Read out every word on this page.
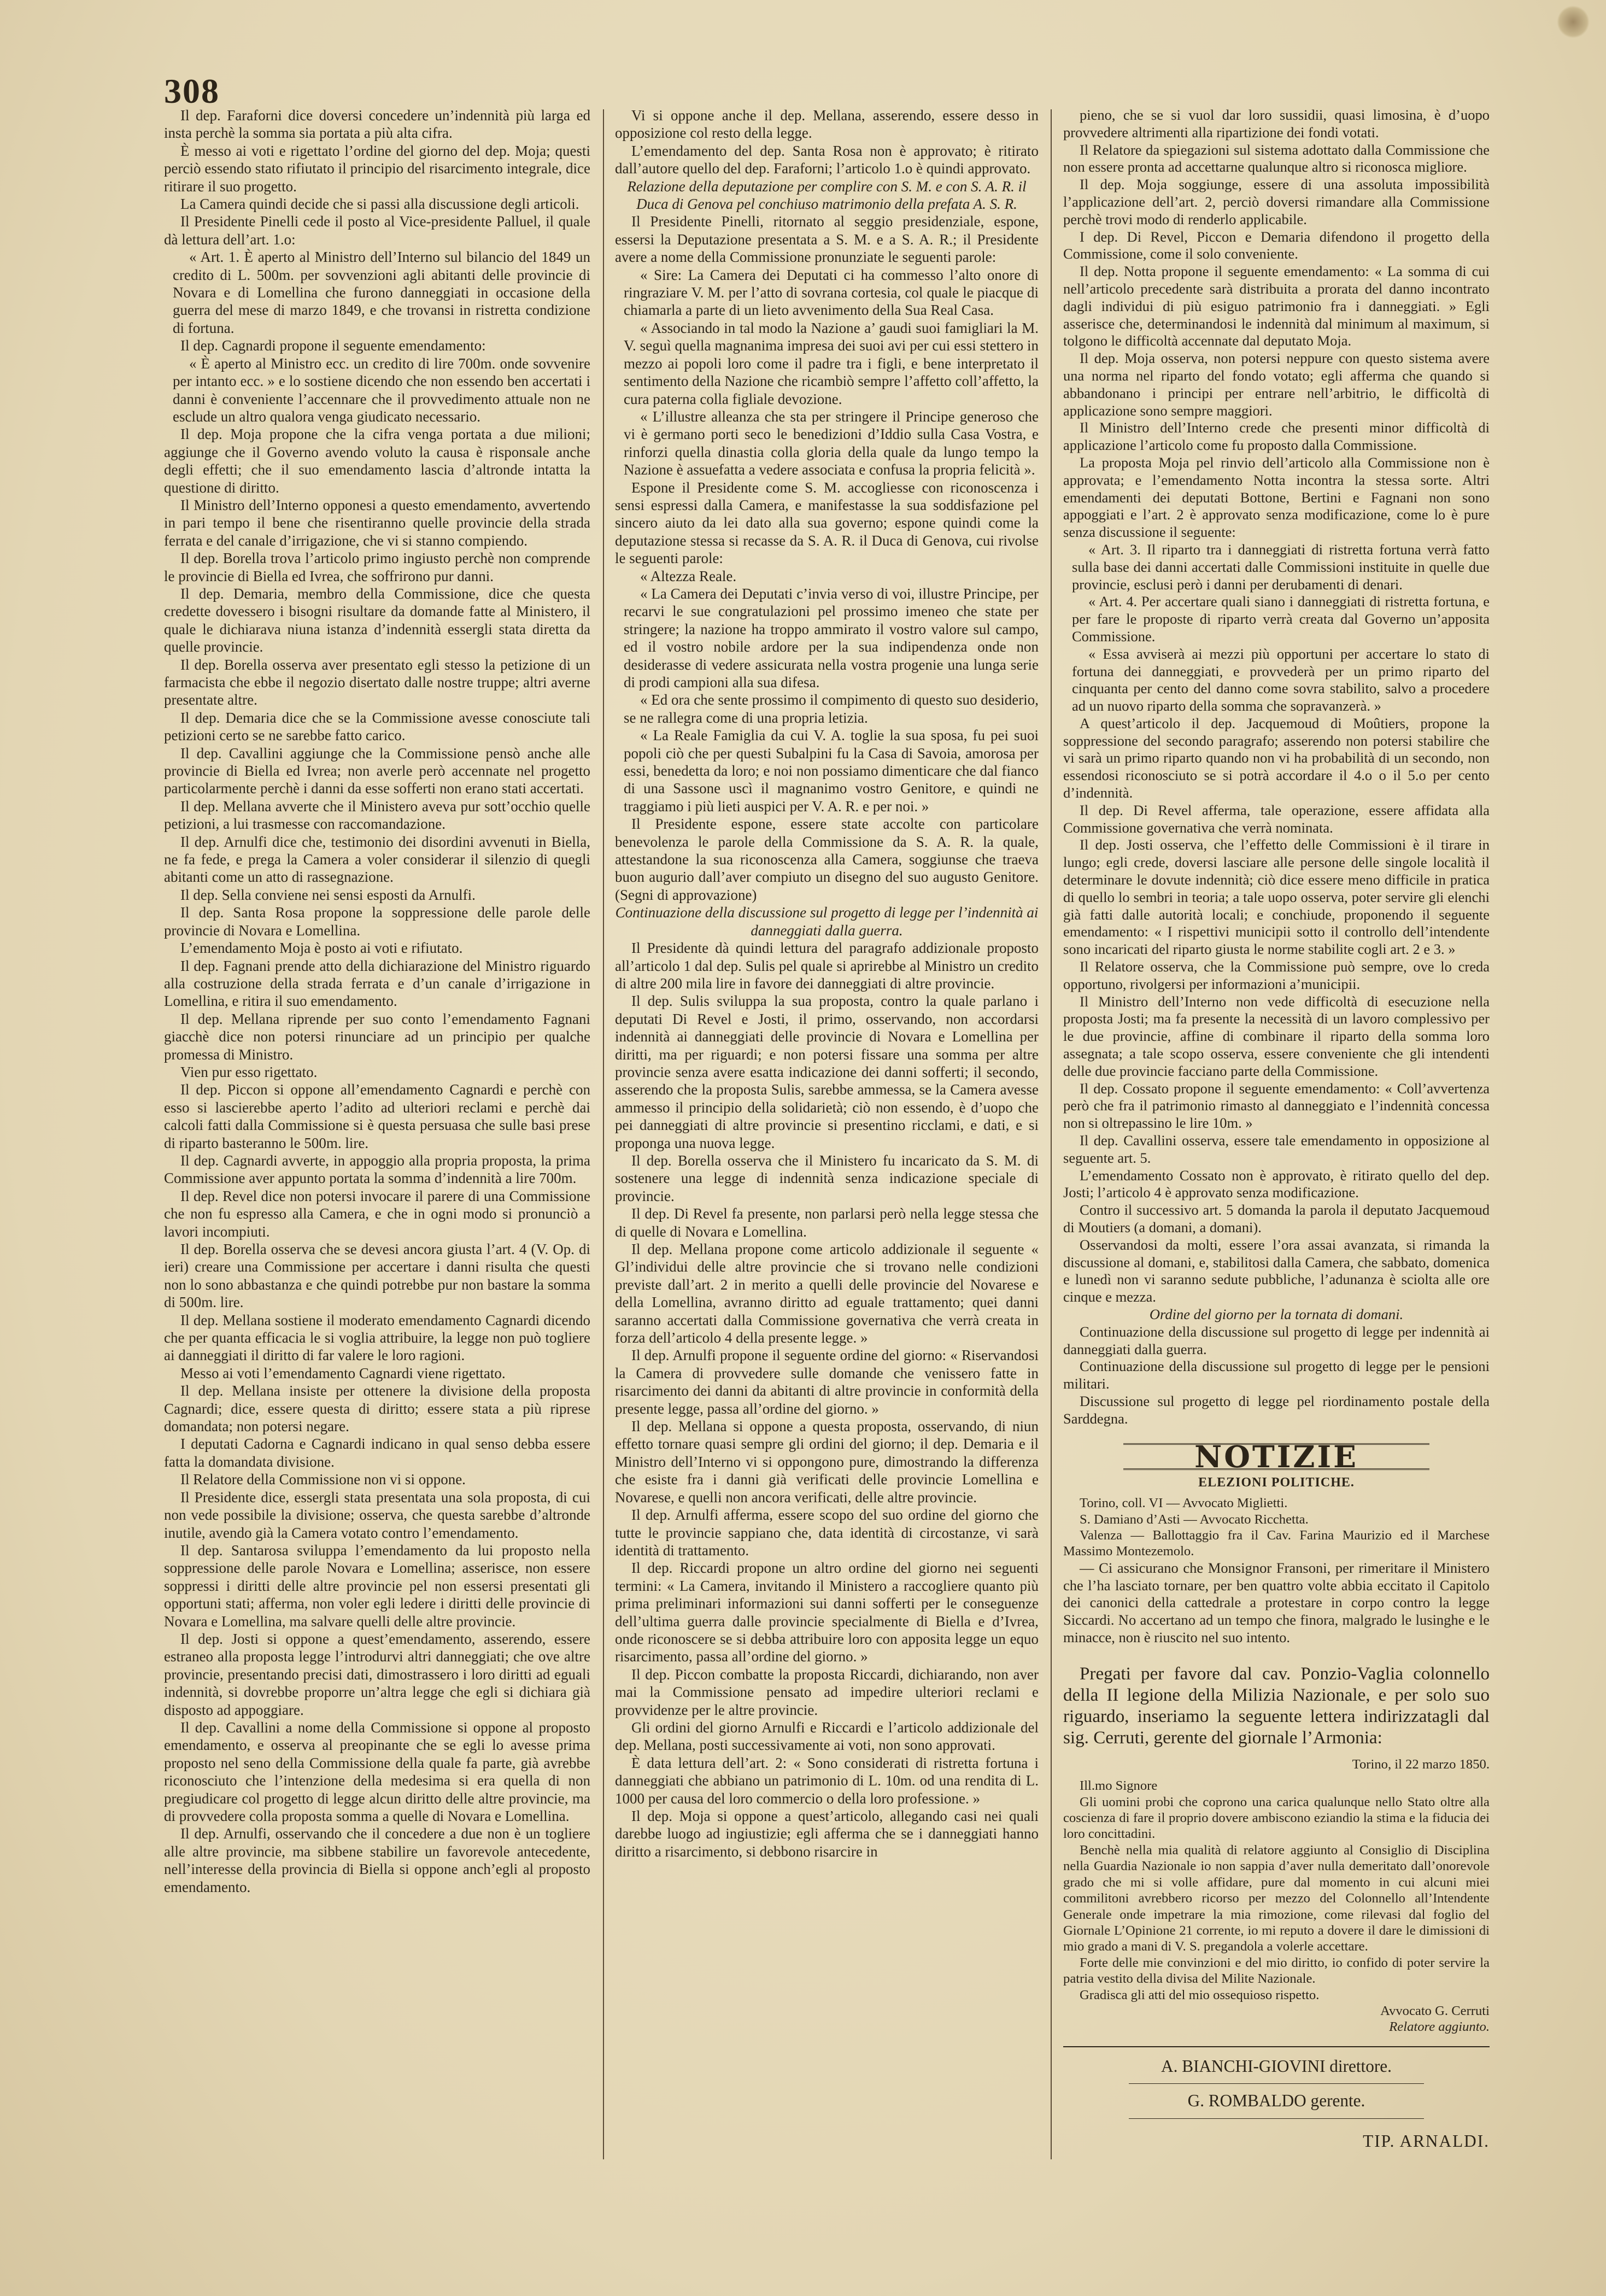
308

Il dep. Faraforni dice doversi concedere un’indennità più larga ed insta perchè la somma sia portata a più alta cifra.

È messo ai voti e rigettato l’ordine del giorno del dep. Moja; questi perciò essendo stato rifiutato il principio del risarcimento integrale, dice ritirare il suo progetto.

La Camera quindi decide che si passi alla discussione degli articoli.

Il Presidente Pinelli cede il posto al Vice-presidente Palluel, il quale dà lettura dell’art. 1.o:

« Art. 1. È aperto al Ministro dell’Interno sul bilancio del 1849 un credito di L. 500m. per sovvenzioni agli abitanti delle provincie di Novara e di Lomellina che furono danneggiati in occasione della guerra del mese di marzo 1849, e che trovansi in ristretta condizione di fortuna.

Il dep. Cagnardi propone il seguente emendamento:

« È aperto al Ministro ecc. un credito di lire 700m. onde sovvenire per intanto ecc. » e lo sostiene dicendo che non essendo ben accertati i danni è conveniente l’accennare che il provvedimento attuale non ne esclude un altro qualora venga giudicato necessario.

Il dep. Moja propone che la cifra venga portata a due milioni; aggiunge che il Governo avendo voluto la causa è risponsale anche degli effetti; che il suo emendamento lascia d’altronde intatta la questione di diritto.

Il Ministro dell’Interno opponesi a questo emendamento, avvertendo in pari tempo il bene che risentiranno quelle provincie della strada ferrata e del canale d’irrigazione, che vi si stanno compiendo.

Il dep. Borella trova l’articolo primo ingiusto perchè non comprende le provincie di Biella ed Ivrea, che soffrirono pur danni.

Il dep. Demaria, membro della Commissione, dice che questa credette dovessero i bisogni risultare da domande fatte al Ministero, il quale le dichiarava niuna istanza d’indennità essergli stata diretta da quelle provincie.

Il dep. Borella osserva aver presentato egli stesso la petizione di un farmacista che ebbe il negozio disertato dalle nostre truppe; altri averne presentate altre.

Il dep. Demaria dice che se la Commissione avesse conosciute tali petizioni certo se ne sarebbe fatto carico.

Il dep. Cavallini aggiunge che la Commissione pensò anche alle provincie di Biella ed Ivrea; non averle però accennate nel progetto particolarmente perchè i danni da esse sofferti non erano stati accertati.

Il dep. Mellana avverte che il Ministero aveva pur sott’occhio quelle petizioni, a lui trasmesse con raccomandazione.

Il dep. Arnulfi dice che, testimonio dei disordini avvenuti in Biella, ne fa fede, e prega la Camera a voler considerar il silenzio di quegli abitanti come un atto di rassegnazione.

Il dep. Sella conviene nei sensi esposti da Arnulfi.

Il dep. Santa Rosa propone la soppressione delle parole delle provincie di Novara e Lomellina.

L’emendamento Moja è posto ai voti e rifiutato.

Il dep. Fagnani prende atto della dichiarazione del Ministro riguardo alla costruzione della strada ferrata e d’un canale d’irrigazione in Lomellina, e ritira il suo emendamento.

Il dep. Mellana riprende per suo conto l’emendamento Fagnani giacchè dice non potersi rinunciare ad un principio per qualche promessa di Ministro.

Vien pur esso rigettato.

Il dep. Piccon si oppone all’emendamento Cagnardi e perchè con esso si lascierebbe aperto l’adito ad ulteriori reclami e perchè dai calcoli fatti dalla Commissione si è questa persuasa che sulle basi prese di riparto basteranno le 500m. lire.

Il dep. Cagnardi avverte, in appoggio alla propria proposta, la prima Commissione aver appunto portata la somma d’indennità a lire 700m.

Il dep. Revel dice non potersi invocare il parere di una Commissione che non fu espresso alla Camera, e che in ogni modo si pronunciò a lavori incompiuti.

Il dep. Borella osserva che se devesi ancora giusta l’art. 4 (V. Op. di ieri) creare una Commissione per accertare i danni risulta che questi non lo sono abbastanza e che quindi potrebbe pur non bastare la somma di 500m. lire.

Il dep. Mellana sostiene il moderato emendamento Cagnardi dicendo che per quanta efficacia le si voglia attribuire, la legge non può togliere ai danneggiati il diritto di far valere le loro ragioni.

Messo ai voti l’emendamento Cagnardi viene rigettato.

Il dep. Mellana insiste per ottenere la divisione della proposta Cagnardi; dice, essere questa di diritto; essere stata a più riprese domandata; non potersi negare.

I deputati Cadorna e Cagnardi indicano in qual senso debba essere fatta la domandata divisione.

Il Relatore della Commissione non vi si oppone.

Il Presidente dice, essergli stata presentata una sola proposta, di cui non vede possibile la divisione; osserva, che questa sarebbe d’altronde inutile, avendo già la Camera votato contro l’emendamento.

Il dep. Santarosa sviluppa l’emendamento da lui proposto nella soppressione delle parole Novara e Lomellina; asserisce, non essere soppressi i diritti delle altre provincie pel non essersi presentati gli opportuni stati; afferma, non voler egli ledere i diritti delle provincie di Novara e Lomellina, ma salvare quelli delle altre provincie.

Il dep. Josti si oppone a quest’emendamento, asserendo, essere estraneo alla proposta legge l’introdurvi altri danneggiati; che ove altre provincie, presentando precisi dati, dimostrassero i loro diritti ad eguali indennità, si dovrebbe proporre un’altra legge che egli si dichiara già disposto ad appoggiare.

Il dep. Cavallini a nome della Commissione si oppone al proposto emendamento, e osserva al preopinante che se egli lo avesse prima proposto nel seno della Commissione della quale fa parte, già avrebbe riconosciuto che l’intenzione della medesima si era quella di non pregiudicare col progetto di legge alcun diritto delle altre provincie, ma di provvedere colla proposta somma a quelle di Novara e Lomellina.

Il dep. Arnulfi, osservando che il concedere a due non è un togliere alle altre provincie, ma sibbene stabilire un favorevole antecedente, nell’interesse della provincia di Biella si oppone anch’egli al proposto emendamento.

Vi si oppone anche il dep. Mellana, asserendo, essere desso in opposizione col resto della legge.

L’emendamento del dep. Santa Rosa non è approvato; è ritirato dall’autore quello del dep. Faraforni; l’articolo 1.o è quindi approvato.

Relazione della deputazione per complire con S. M. e con S. A. R. il Duca di Genova pel conchiuso matrimonio della prefata A. S. R.

Il Presidente Pinelli, ritornato al seggio presidenziale, espone, essersi la Deputazione presentata a S. M. e a S. A. R.; il Presidente avere a nome della Commissione pronunziate le seguenti parole:

« Sire: La Camera dei Deputati ci ha commesso l’alto onore di ringraziare V. M. per l’atto di sovrana cortesia, col quale le piacque di chiamarla a parte di un lieto avvenimento della Sua Real Casa.

« Associando in tal modo la Nazione a’ gaudi suoi famigliari la M. V. seguì quella magnanima impresa dei suoi avi per cui essi stettero in mezzo ai popoli loro come il padre tra i figli, e bene interpretato il sentimento della Nazione che ricambiò sempre l’affetto coll’affetto, la cura paterna colla figliale devozione.

« L’illustre alleanza che sta per stringere il Principe generoso che vi è germano porti seco le benedizioni d’Iddio sulla Casa Vostra, e rinforzi quella dinastia colla gloria della quale da lungo tempo la Nazione è assuefatta a vedere associata e confusa la propria felicità ».

Espone il Presidente come S. M. accogliesse con riconoscenza i sensi espressi dalla Camera, e manifestasse la sua soddisfazione pel sincero aiuto da lei dato alla sua governo; espone quindi come la deputazione stessa si recasse da S. A. R. il Duca di Genova, cui rivolse le seguenti parole:

« Altezza Reale.

« La Camera dei Deputati c’invia verso di voi, illustre Principe, per recarvi le sue congratulazioni pel prossimo imeneo che state per stringere; la nazione ha troppo ammirato il vostro valore sul campo, ed il vostro nobile ardore per la sua indipendenza onde non desiderasse di vedere assicurata nella vostra progenie una lunga serie di prodi campioni alla sua difesa.

« Ed ora che sente prossimo il compimento di questo suo desiderio, se ne rallegra come di una propria letizia.

« La Reale Famiglia da cui V. A. toglie la sua sposa, fu pei suoi popoli ciò che per questi Subalpini fu la Casa di Savoia, amorosa per essi, benedetta da loro; e noi non possiamo dimenticare che dal fianco di una Sassone uscì il magnanimo vostro Genitore, e quindi ne traggiamo i più lieti auspici per V. A. R. e per noi. »

Il Presidente espone, essere state accolte con particolare benevolenza le parole della Commissione da S. A. R. la quale, attestandone la sua riconoscenza alla Camera, soggiunse che traeva buon augurio dall’aver compiuto un disegno del suo augusto Genitore. (Segni di approvazione)

Continuazione della discussione sul progetto di legge per l’indennità ai danneggiati dalla guerra.

Il Presidente dà quindi lettura del paragrafo addizionale proposto all’articolo 1 dal dep. Sulis pel quale si aprirebbe al Ministro un credito di altre 200 mila lire in favore dei danneggiati di altre provincie.

Il dep. Sulis sviluppa la sua proposta, contro la quale parlano i deputati Di Revel e Josti, il primo, osservando, non accordarsi indennità ai danneggiati delle provincie di Novara e Lomellina per diritti, ma per riguardi; e non potersi fissare una somma per altre provincie senza avere esatta indicazione dei danni sofferti; il secondo, asserendo che la proposta Sulis, sarebbe ammessa, se la Camera avesse ammesso il principio della solidarietà; ciò non essendo, è d’uopo che pei danneggiati di altre provincie si presentino ricclami, e dati, e si proponga una nuova legge.

Il dep. Borella osserva che il Ministero fu incaricato da S. M. di sostenere una legge di indennità senza indicazione speciale di provincie.

Il dep. Di Revel fa presente, non parlarsi però nella legge stessa che di quelle di Novara e Lomellina.

Il dep. Mellana propone come articolo addizionale il seguente « Gl’individui delle altre provincie che si trovano nelle condizioni previste dall’art. 2 in merito a quelli delle provincie del Novarese e della Lomellina, avranno diritto ad eguale trattamento; quei danni saranno accertati dalla Commissione governativa che verrà creata in forza dell’articolo 4 della presente legge. »

Il dep. Arnulfi propone il seguente ordine del giorno: « Riservandosi la Camera di provvedere sulle domande che venissero fatte in risarcimento dei danni da abitanti di altre provincie in conformità della presente legge, passa all’ordine del giorno. »

Il dep. Mellana si oppone a questa proposta, osservando, di niun effetto tornare quasi sempre gli ordini del giorno; il dep. Demaria e il Ministro dell’Interno vi si oppongono pure, dimostrando la differenza che esiste fra i danni già verificati delle provincie Lomellina e Novarese, e quelli non ancora verificati, delle altre provincie.

Il dep. Arnulfi afferma, essere scopo del suo ordine del giorno che tutte le provincie sappiano che, data identità di circostanze, vi sarà identità di trattamento.

Il dep. Riccardi propone un altro ordine del giorno nei seguenti termini: « La Camera, invitando il Ministero a raccogliere quanto più prima preliminari informazioni sui danni sofferti per le conseguenze dell’ultima guerra dalle provincie specialmente di Biella e d’Ivrea, onde riconoscere se si debba attribuire loro con apposita legge un equo risarcimento, passa all’ordine del giorno. »

Il dep. Piccon combatte la proposta Riccardi, dichiarando, non aver mai la Commissione pensato ad impedire ulteriori reclami e provvidenze per le altre provincie.

Gli ordini del giorno Arnulfi e Riccardi e l’articolo addizionale del dep. Mellana, posti successivamente ai voti, non sono approvati.

È data lettura dell’art. 2: « Sono considerati di ristretta fortuna i danneggiati che abbiano un patrimonio di L. 10m. od una rendita di L. 1000 per causa del loro commercio o della loro professione. »

Il dep. Moja si oppone a quest’articolo, allegando casi nei quali darebbe luogo ad ingiustizie; egli afferma che se i danneggiati hanno diritto a risarcimento, si debbono risarcire in

pieno, che se si vuol dar loro sussidii, quasi limosina, è d’uopo provvedere altrimenti alla ripartizione dei fondi votati.

Il Relatore da spiegazioni sul sistema adottato dalla Commissione che non essere pronta ad accettarne qualunque altro si riconosca migliore.

Il dep. Moja soggiunge, essere di una assoluta impossibilità l’applicazione dell’art. 2, perciò doversi rimandare alla Commissione perchè trovi modo di renderlo applicabile.

I dep. Di Revel, Piccon e Demaria difendono il progetto della Commissione, come il solo conveniente.

Il dep. Notta propone il seguente emendamento: « La somma di cui nell’articolo precedente sarà distribuita a prorata del danno incontrato dagli individui di più esiguo patrimonio fra i danneggiati. » Egli asserisce che, determinandosi le indennità dal minimum al maximum, si tolgono le difficoltà accennate dal deputato Moja.

Il dep. Moja osserva, non potersi neppure con questo sistema avere una norma nel riparto del fondo votato; egli afferma che quando si abbandonano i principi per entrare nell’arbitrio, le difficoltà di applicazione sono sempre maggiori.

Il Ministro dell’Interno crede che presenti minor difficoltà di applicazione l’articolo come fu proposto dalla Commissione.

La proposta Moja pel rinvio dell’articolo alla Commissione non è approvata; e l’emendamento Notta incontra la stessa sorte. Altri emendamenti dei deputati Bottone, Bertini e Fagnani non sono appoggiati e l’art. 2 è approvato senza modificazione, come lo è pure senza discussione il seguente:

« Art. 3. Il riparto tra i danneggiati di ristretta fortuna verrà fatto sulla base dei danni accertati dalle Commissioni instituite in quelle due provincie, esclusi però i danni per derubamenti di denari.

« Art. 4. Per accertare quali siano i danneggiati di ristretta fortuna, e per fare le proposte di riparto verrà creata dal Governo un’apposita Commissione.

« Essa avviserà ai mezzi più opportuni per accertare lo stato di fortuna dei danneggiati, e provvederà per un primo riparto del cinquanta per cento del danno come sovra stabilito, salvo a procedere ad un nuovo riparto della somma che sopravanzerà. »

A quest’articolo il dep. Jacquemoud di Moûtiers, propone la soppressione del secondo paragrafo; asserendo non potersi stabilire che vi sarà un primo riparto quando non vi ha probabilità di un secondo, non essendosi riconosciuto se si potrà accordare il 4.o o il 5.o per cento d’indennità.

Il dep. Di Revel afferma, tale operazione, essere affidata alla Commissione governativa che verrà nominata.

Il dep. Josti osserva, che l’effetto delle Commissioni è il tirare in lungo; egli crede, doversi lasciare alle persone delle singole località il determinare le dovute indennità; ciò dice essere meno difficile in pratica di quello lo sembri in teoria; a tale uopo osserva, poter servire gli elenchi già fatti dalle autorità locali; e conchiude, proponendo il seguente emendamento: « I rispettivi municipii sotto il controllo dell’intendente sono incaricati del riparto giusta le norme stabilite cogli art. 2 e 3. »

Il Relatore osserva, che la Commissione può sempre, ove lo creda opportuno, rivolgersi per informazioni a’municipii.

Il Ministro dell’Interno non vede difficoltà di esecuzione nella proposta Josti; ma fa presente la necessità di un lavoro complessivo per le due provincie, affine di combinare il riparto della somma loro assegnata; a tale scopo osserva, essere conveniente che gli intendenti delle due provincie facciano parte della Commissione.

Il dep. Cossato propone il seguente emendamento: « Coll’avvertenza però che fra il patrimonio rimasto al danneggiato e l’indennità concessa non si oltrepassino le lire 10m. »

Il dep. Cavallini osserva, essere tale emendamento in opposizione al seguente art. 5.

L’emendamento Cossato non è approvato, è ritirato quello del dep. Josti; l’articolo 4 è approvato senza modificazione.

Contro il successivo art. 5 domanda la parola il deputato Jacquemoud di Moutiers (a domani, a domani).

Osservandosi da molti, essere l’ora assai avanzata, si rimanda la discussione al domani, e, stabilitosi dalla Camera, che sabbato, domenica e lunedì non vi saranno sedute pubbliche, l’adunanza è sciolta alle ore cinque e mezza.

Ordine del giorno per la tornata di domani.

Continuazione della discussione sul progetto di legge per indennità ai danneggiati dalla guerra.

Continuazione della discussione sul progetto di legge per le pensioni militari.

Discussione sul progetto di legge pel riordinamento postale della Sarddegna.

NOTIZIE
ELEZIONI POLITICHE.

Torino, coll. VI — Avvocato Miglietti.

S. Damiano d’Asti — Avvocato Ricchetta.

Valenza — Ballottaggio fra il Cav. Farina Maurizio ed il Marchese Massimo Montezemolo.

— Ci assicurano che Monsignor Fransoni, per rimeritare il Ministero che l’ha lasciato tornare, per ben quattro volte abbia eccitato il Capitolo dei canonici della cattedrale a protestare in corpo contro la legge Siccardi. No accertano ad un tempo che finora, malgrado le lusinghe e le minacce, non è riuscito nel suo intento.

Pregati per favore dal cav. Ponzio-Vaglia colonnello della II legione della Milizia Nazionale, e per solo suo riguardo, inseriamo la seguente lettera indirizzatagli dal sig. Cerruti, gerente del giornale l’Armonia:

Torino, il 22 marzo 1850.

Ill.mo Signore

Gli uomini probi che coprono una carica qualunque nello Stato oltre alla coscienza di fare il proprio dovere ambiscono eziandio la stima e la fiducia dei loro concittadini.

Benchè nella mia qualità di relatore aggiunto al Consiglio di Disciplina nella Guardia Nazionale io non sappia d’aver nulla demeritato dall’onorevole grado che mi si volle affidare, pure dal momento in cui alcuni miei commilitoni avrebbero ricorso per mezzo del Colonnello all’Intendente Generale onde impetrare la mia rimozione, come rilevasi dal foglio del Giornale L’Opinione 21 corrente, io mi reputo a dovere il dare le dimissioni di mio grado a mani di V. S. pregandola a volerle accettare.

Forte delle mie convinzioni e del mio diritto, io confido di poter servire la patria vestito della divisa del Milite Nazionale.

Gradisca gli atti del mio ossequioso rispetto.

Avvocato G. Cerruti

Relatore aggiunto.

A. BIANCHI-GIOVINI direttore.

G. ROMBALDO gerente.

TIP. ARNALDI.
